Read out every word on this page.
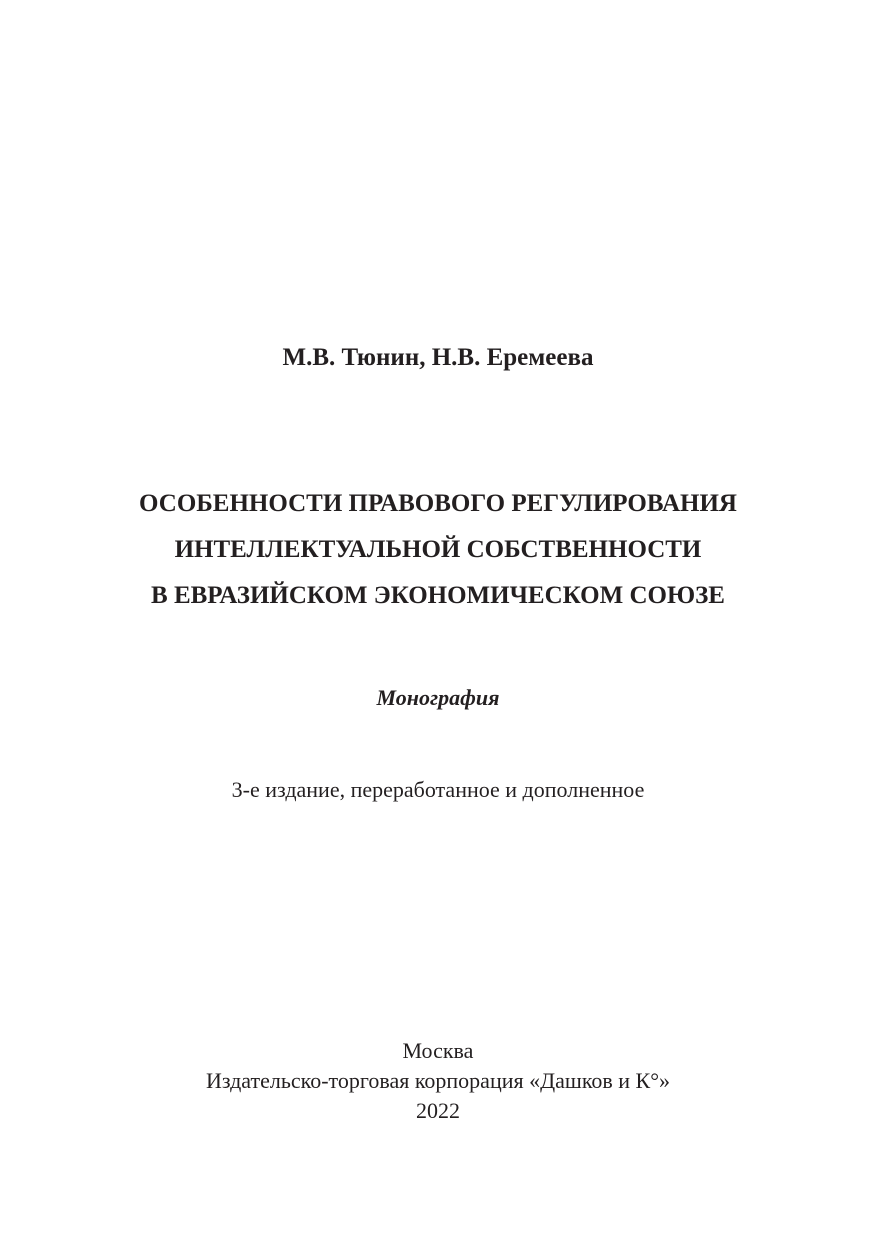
М.В. Тюнин, Н.В. Еремеева

ОСОБЕННОСТИ ПРАВОВОГО РЕГУЛИРОВАНИЯ

ИНТЕЛЛЕКТУАЛЬНОЙ СОБСТВЕННОСТИ

В ЕВРАЗИЙСКОМ ЭКОНОМИЧЕСКОМ СОЮЗЕ

Монография

3-е издание, переработанное и дополненное

Москва

Издательско-торговая корпорация «Дашков и К°»

2022
